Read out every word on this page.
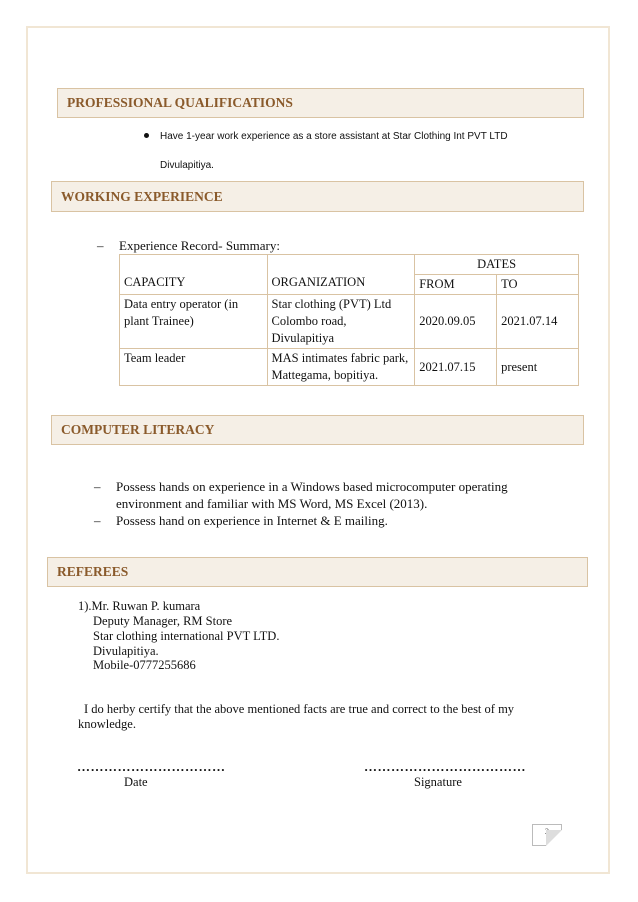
PROFESSIONAL QUALIFICATIONS
Have 1-year work experience as a store assistant at Star Clothing Int PVT LTD
Divulapitiya.
WORKING EXPERIENCE
– Experience Record- Summary:
CAPACITY	ORGANIZATION	DATES	
		FROM	TO
Data entry operator (in plant Trainee)	Star clothing (PVT) Ltd Colombo road, Divulapitiya	2020.09.05	2021.07.14
Team leader	MAS intimates fabric park, Mattegama, bopitiya.	2021.07.15	present
COMPUTER LITERACY
– Possess hands on experience in a Windows based microcomputer operating environment and familiar with MS Word, MS Excel (2013).
– Possess hand on experience in Internet & E mailing.
REFEREES
1).Mr. Ruwan P. kumara
Deputy Manager, RM Store
Star clothing international PVT LTD.
Divulapitiya.
Mobile-0777255686
I do herby certify that the above mentioned facts are true and correct to the best of my knowledge.
……………………………
Date
………………………………
Signature
2
